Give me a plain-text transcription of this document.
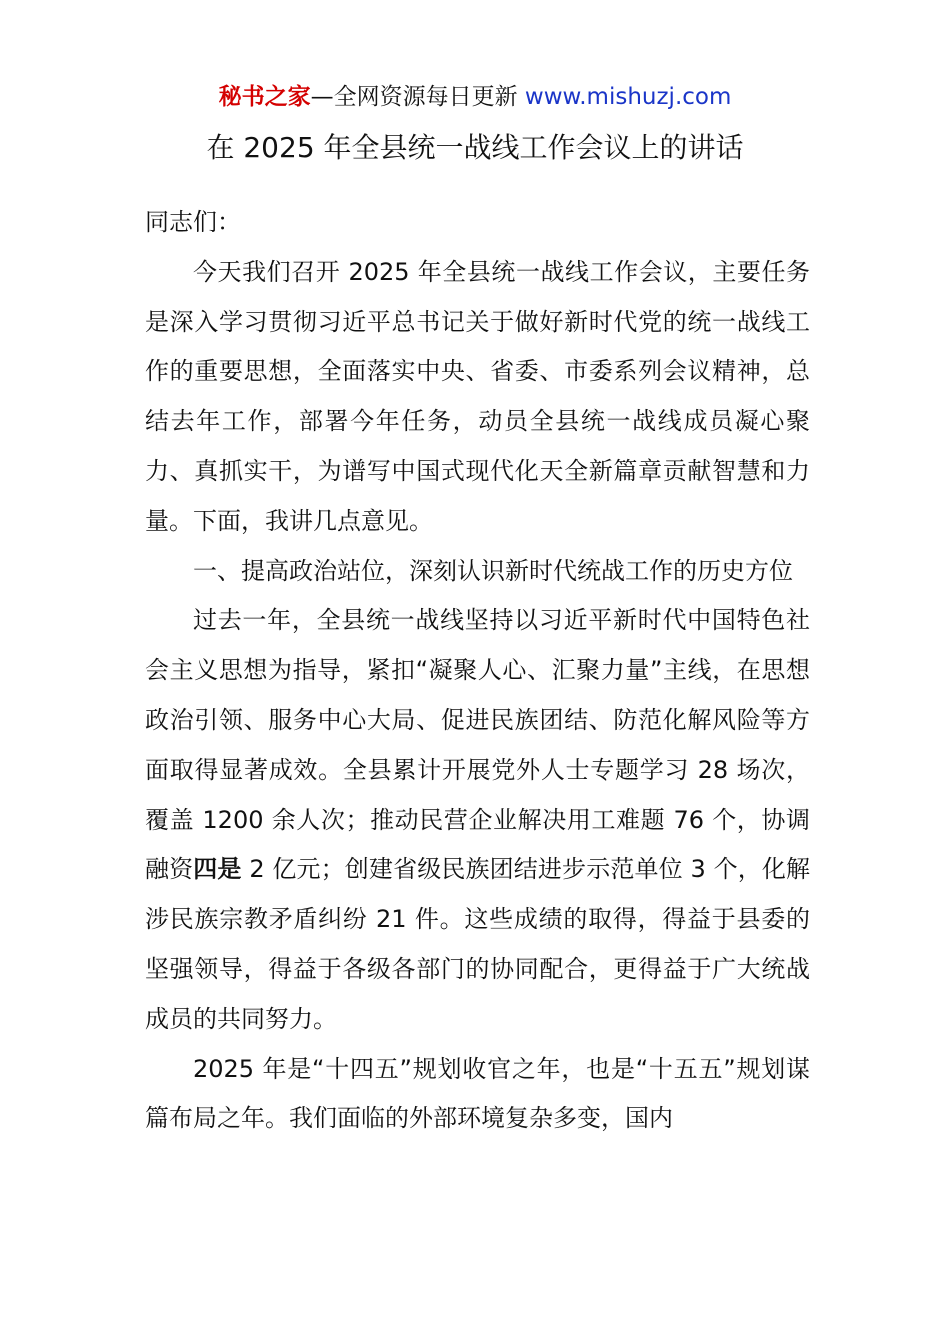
秘书之家—全网资源每日更新 www.mishuzj.com
在 2025 年全县统一战线工作会议上的讲话

同志们：

今天我们召开 2025 年全县统一战线工作会议，主要任务是深入学习贯彻习近平总书记关于做好新时代党的统一战线工作的重要思想，全面落实中央、省委、市委系列会议精神，总结去年工作，部署今年任务，动员全县统一战线成员凝心聚力、真抓实干，为谱写中国式现代化天全新篇章贡献智慧和力量。下面，我讲几点意见。

一、提高政治站位，深刻认识新时代统战工作的历史方位

过去一年，全县统一战线坚持以习近平新时代中国特色社会主义思想为指导，紧扣“凝聚人心、汇聚力量”主线，在思想政治引领、服务中心大局、促进民族团结、防范化解风险等方面取得显著成效。全县累计开展党外人士专题学习 28 场次，覆盖 1200 余人次；推动民营企业解决用工难题 76 个，协调融资四是 2 亿元；创建省级民族团结进步示范单位 3 个，化解涉民族宗教矛盾纠纷 21 件。这些成绩的取得，得益于县委的坚强领导，得益于各级各部门的协同配合，更得益于广大统战成员的共同努力。

2025 年是“十四五”规划收官之年，也是“十五五”规划谋篇布局之年。我们面临的外部环境复杂多变，国内
